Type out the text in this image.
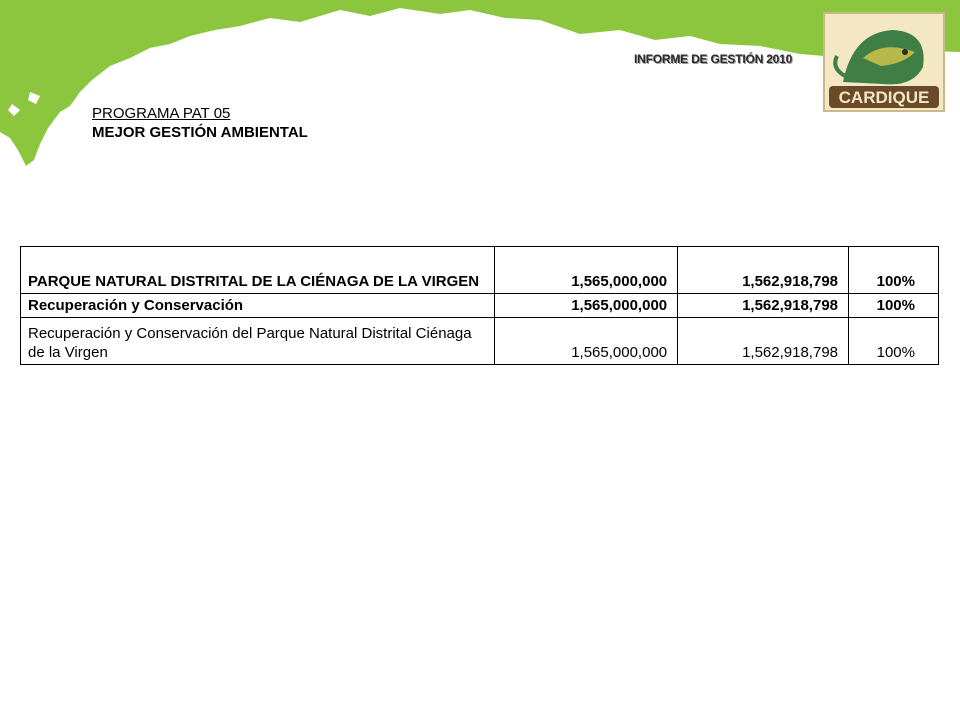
INFORME DE GESTIÓN 2010
CARDIQUE
PROGRAMA PAT 05
MEJOR GESTIÓN AMBIENTAL
PARQUE NATURAL DISTRITAL DE LA CIÉNAGA DE LA VIRGEN	1,565,000,000	1,562,918,798	100%
Recuperación y Conservación	1,565,000,000	1,562,918,798	100%
Recuperación y Conservación del Parque Natural Distrital Ciénaga de la Virgen	1,565,000,000	1,562,918,798	100%
